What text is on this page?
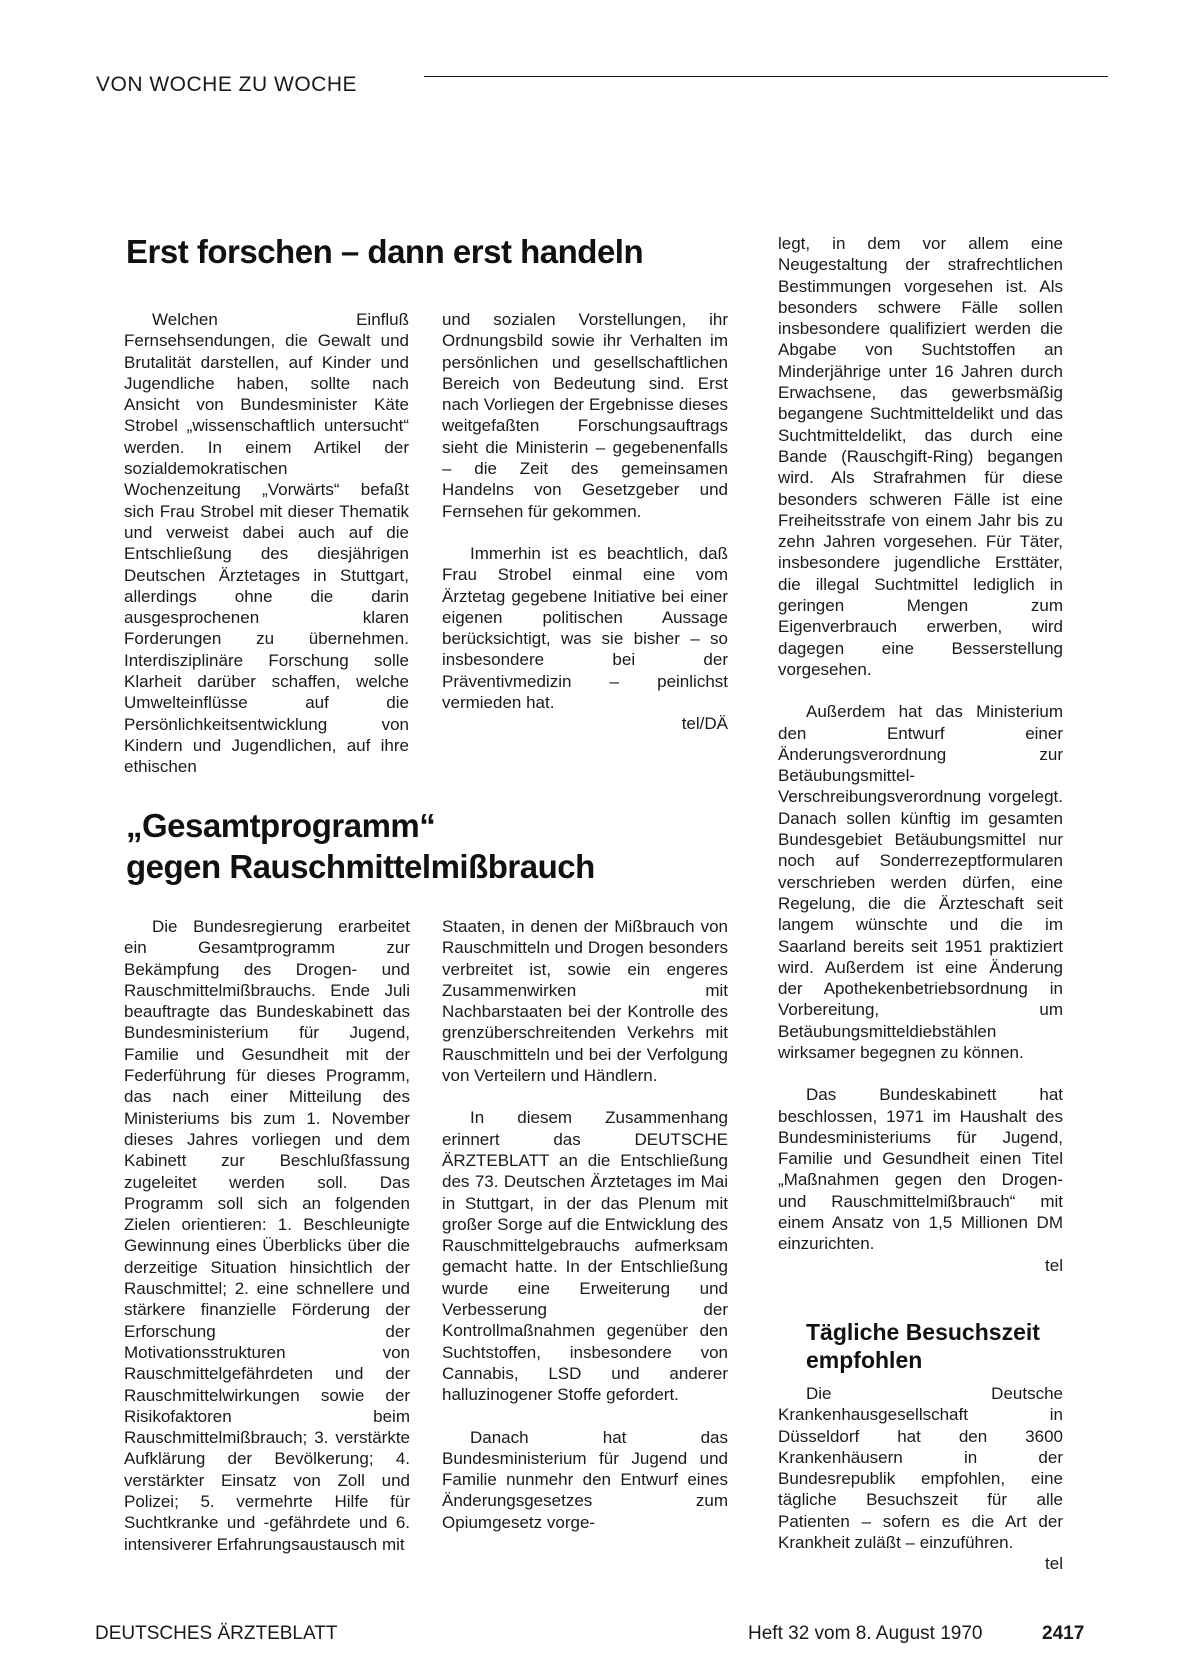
VON WOCHE ZU WOCHE
Erst forschen – dann erst handeln

Welchen Einfluß Fernsehsendungen, die Gewalt und Brutalität darstellen, auf Kinder und Jugendliche haben, sollte nach Ansicht von Bundesminister Käte Strobel „wissenschaftlich untersucht“ werden. In einem Artikel der sozialdemokratischen Wochenzeitung „Vorwärts“ befaßt sich Frau Strobel mit dieser Thematik und verweist dabei auch auf die Entschließung des diesjährigen Deutschen Ärztetages in Stuttgart, allerdings ohne die darin ausgesprochenen klaren Forderungen zu übernehmen. Interdisziplinäre Forschung solle Klarheit darüber schaffen, welche Umwelteinflüsse auf die Persönlichkeitsentwicklung von Kindern und Jugendlichen, auf ihre ethischen

und sozialen Vorstellungen, ihr Ordnungsbild sowie ihr Verhalten im persönlichen und gesellschaftlichen Bereich von Bedeutung sind. Erst nach Vorliegen der Ergebnisse dieses weitgefaßten Forschungsauftrags sieht die Ministerin – gegebenenfalls – die Zeit des gemeinsamen Handelns von Gesetzgeber und Fernsehen für gekommen.

Immerhin ist es beachtlich, daß Frau Strobel einmal eine vom Ärztetag gegebene Initiative bei einer eigenen politischen Aussage berücksichtigt, was sie bisher – so insbesondere bei der Präventivmedizin – peinlichst vermieden hat.

tel/DÄ
„Gesamtprogramm“
gegen Rauschmittelmißbrauch

Die Bundesregierung erarbeitet ein Gesamtprogramm zur Bekämpfung des Drogen- und Rauschmittelmißbrauchs. Ende Juli beauftragte das Bundeskabinett das Bundesministerium für Jugend, Familie und Gesundheit mit der Federführung für dieses Programm, das nach einer Mitteilung des Ministeriums bis zum 1. November dieses Jahres vorliegen und dem Kabinett zur Beschlußfassung zugeleitet werden soll. Das Programm soll sich an folgenden Zielen orientieren: 1. Beschleunigte Gewinnung eines Überblicks über die derzeitige Situation hinsichtlich der Rauschmittel; 2. eine schnellere und stärkere finanzielle Förderung der Erforschung der Motivationsstrukturen von Rauschmittelgefährdeten und der Rauschmittelwirkungen sowie der Risikofaktoren beim Rauschmittelmißbrauch; 3. verstärkte Aufklärung der Bevölkerung; 4. verstärkter Einsatz von Zoll und Polizei; 5. vermehrte Hilfe für Suchtkranke und -gefährdete und 6. intensiverer Erfahrungsaustausch mit

Staaten, in denen der Mißbrauch von Rauschmitteln und Drogen besonders verbreitet ist, sowie ein engeres Zusammenwirken mit Nachbarstaaten bei der Kontrolle des grenzüberschreitenden Verkehrs mit Rauschmitteln und bei der Verfolgung von Verteilern und Händlern.

In diesem Zusammenhang erinnert das DEUTSCHE ÄRZTEBLATT an die Entschließung des 73. Deutschen Ärztetages im Mai in Stuttgart, in der das Plenum mit großer Sorge auf die Entwicklung des Rauschmittelgebrauchs aufmerksam gemacht hatte. In der Entschließung wurde eine Erweiterung und Verbesserung der Kontrollmaßnahmen gegenüber den Suchtstoffen, insbesondere von Cannabis, LSD und anderer halluzinogener Stoffe gefordert.

Danach hat das Bundesministerium für Jugend und Familie nunmehr den Entwurf eines Änderungsgesetzes zum Opiumgesetz vorge-

legt, in dem vor allem eine Neugestaltung der strafrechtlichen Bestimmungen vorgesehen ist. Als besonders schwere Fälle sollen insbesondere qualifiziert werden die Abgabe von Suchtstoffen an Minderjährige unter 16 Jahren durch Erwachsene, das gewerbsmäßig begangene Suchtmitteldelikt und das Suchtmitteldelikt, das durch eine Bande (Rauschgift-Ring) begangen wird. Als Strafrahmen für diese besonders schweren Fälle ist eine Freiheitsstrafe von einem Jahr bis zu zehn Jahren vorgesehen. Für Täter, insbesondere jugendliche Ersttäter, die illegal Suchtmittel lediglich in geringen Mengen zum Eigenverbrauch erwerben, wird dagegen eine Besserstellung vorgesehen.

Außerdem hat das Ministerium den Entwurf einer Änderungsverordnung zur Betäubungsmittel-Verschreibungsverordnung vorgelegt. Danach sollen künftig im gesamten Bundesgebiet Betäubungsmittel nur noch auf Sonderrezeptformularen verschrieben werden dürfen, eine Regelung, die die Ärzteschaft seit langem wünschte und die im Saarland bereits seit 1951 praktiziert wird. Außerdem ist eine Änderung der Apothekenbetriebsordnung in Vorbereitung, um Betäubungsmitteldiebstählen wirksamer begegnen zu können.

Das Bundeskabinett hat beschlossen, 1971 im Haushalt des Bundesministeriums für Jugend, Familie und Gesundheit einen Titel „Maßnahmen gegen den Drogen- und Rauschmittelmißbrauch“ mit einem Ansatz von 1,5 Millionen DM einzurichten.

tel
Tägliche Besuchszeit
empfohlen

Die Deutsche Krankenhausgesellschaft in Düsseldorf hat den 3600 Krankenhäusern in der Bundesrepublik empfohlen, eine tägliche Besuchszeit für alle Patienten – sofern es die Art der Krankheit zuläßt – einzuführen.

tel
DEUTSCHES ÄRZTEBLATT	Heft 32 vom 8. August 1970	2417
